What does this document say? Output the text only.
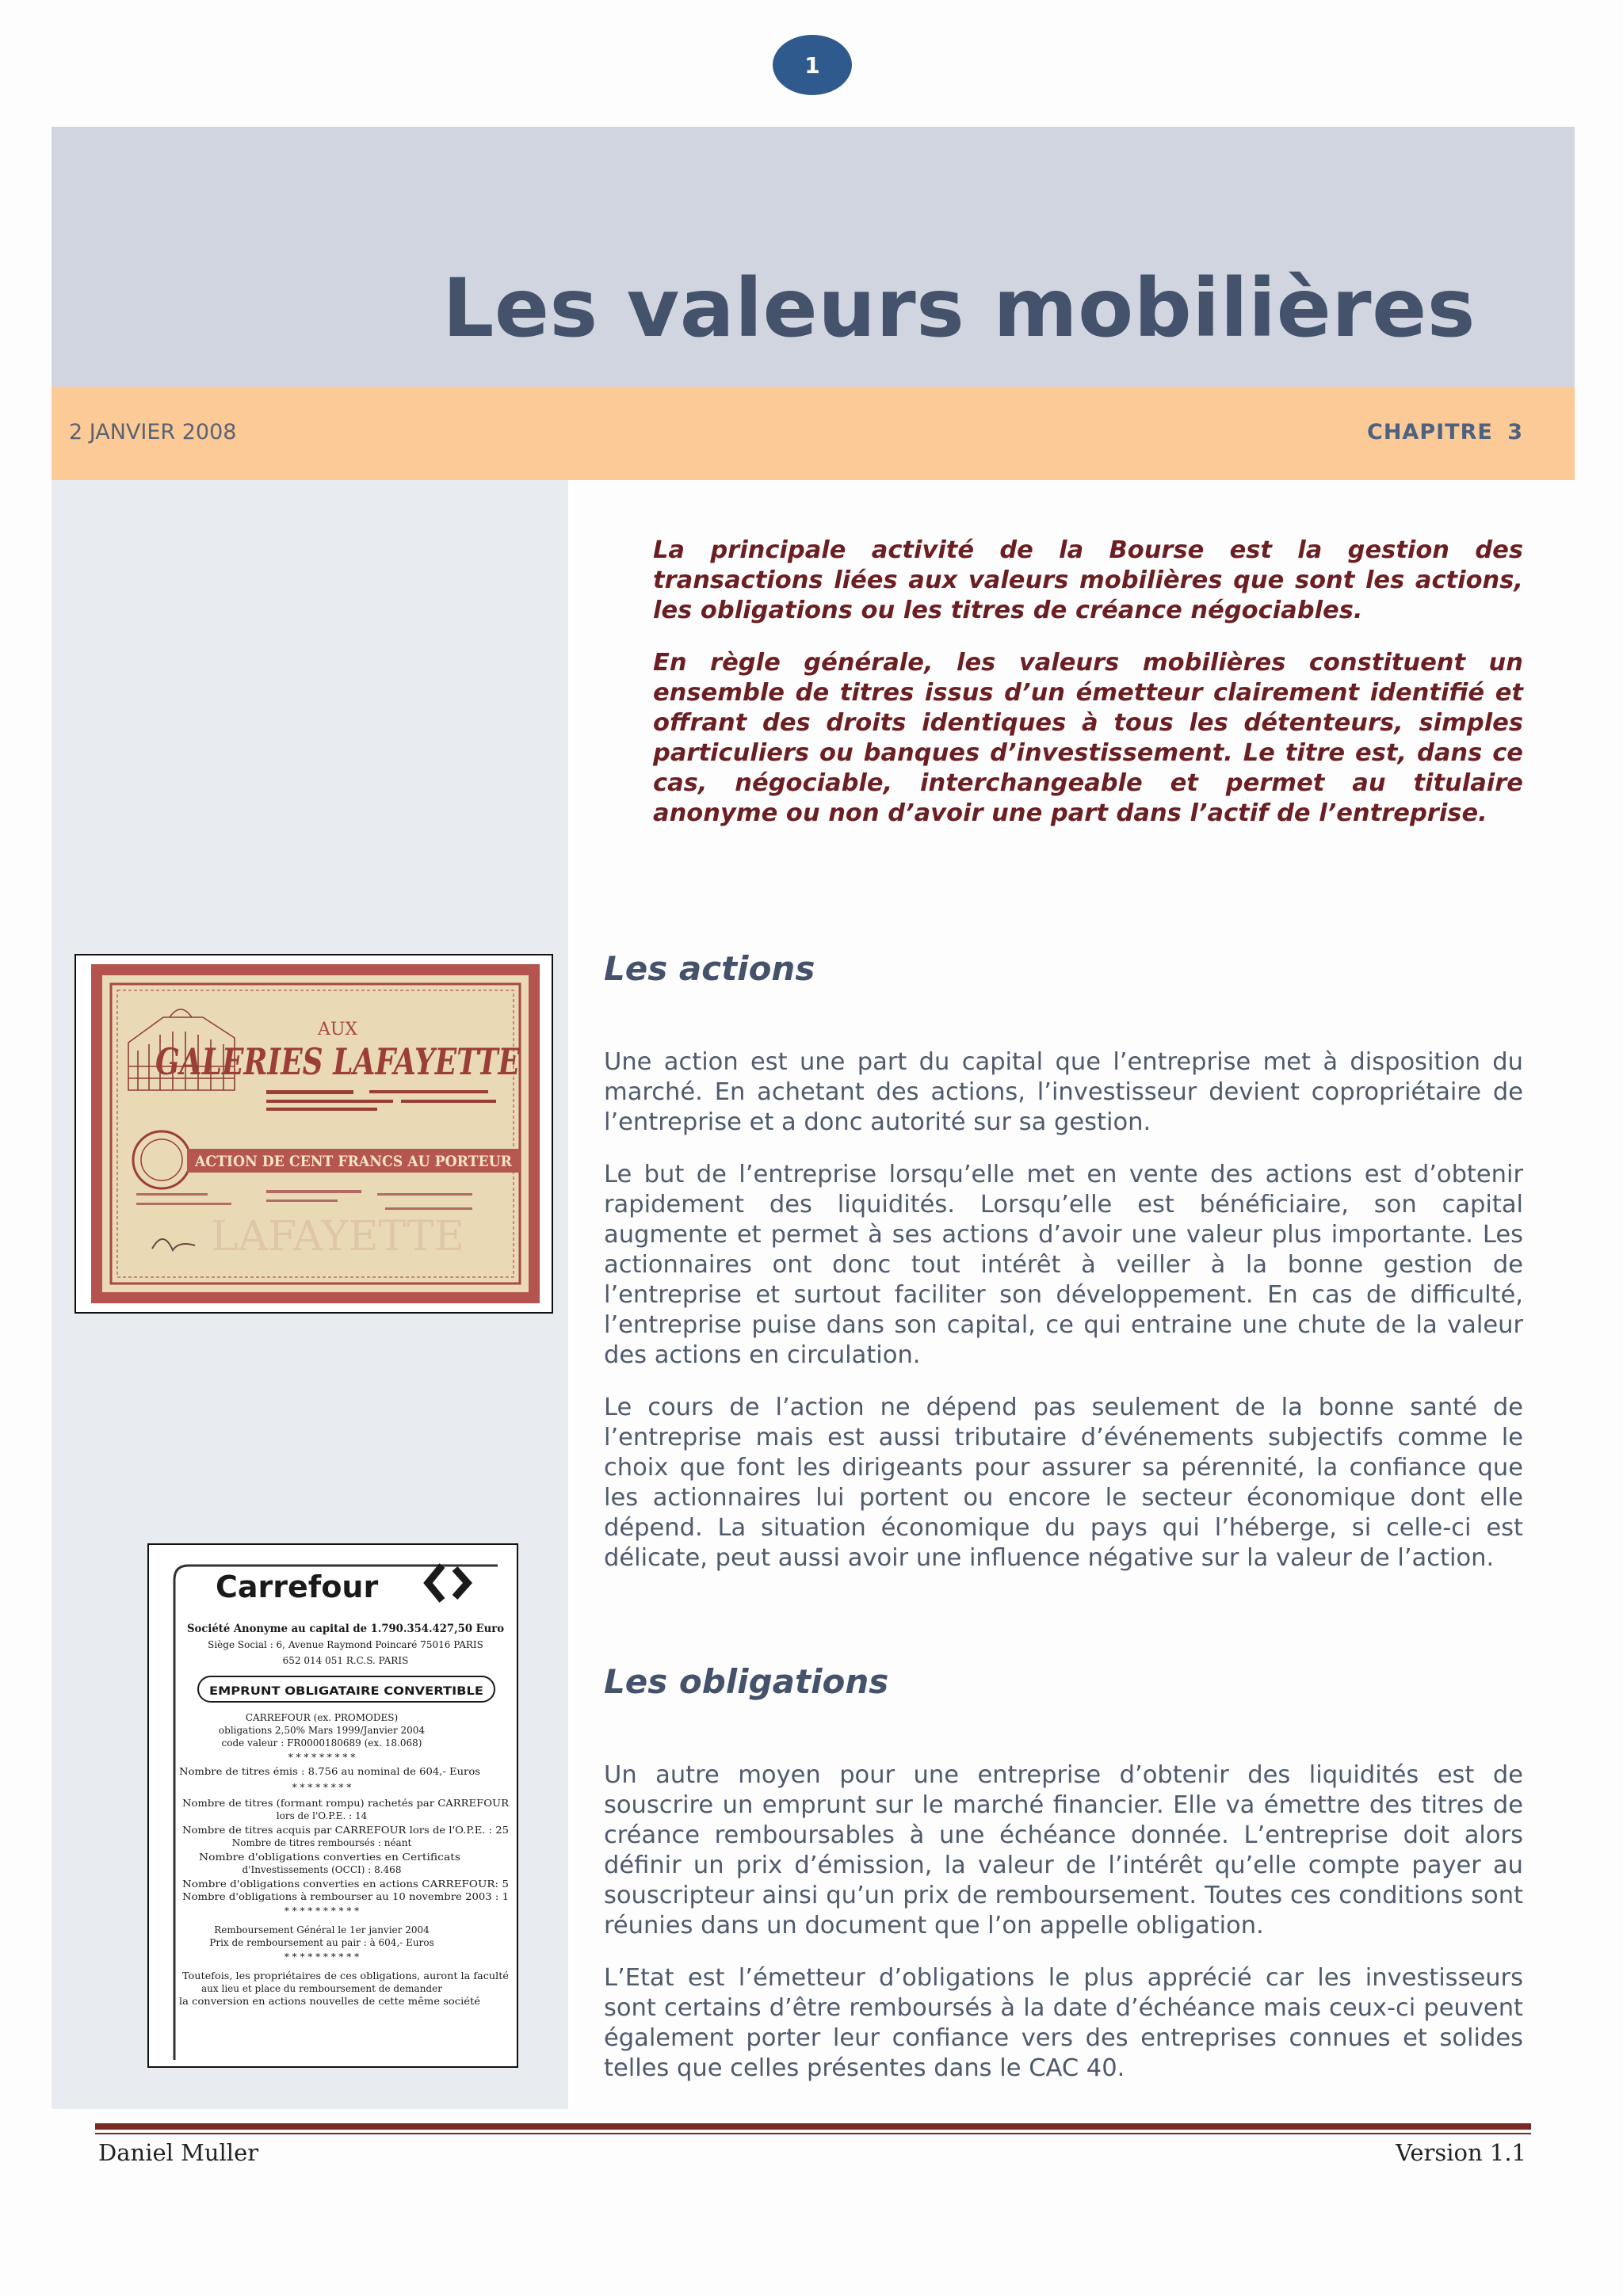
1
Les valeurs mobilières
2 JANVIER 2008	CHAPITRE 3
AUX
GALERIES LAFAYETTE
ACTION DE CENT FRANCS AU PORTEUR
LAFAYETTE
Carrefour
Société Anonyme au capital de 1.790.354.427,50 Euro
Siège Social : 6, Avenue Raymond Poincaré 75016 PARIS
652 014 051 R.C.S. PARIS
EMPRUNT OBLIGATAIRE CONVERTIBLE
CARREFOUR (ex. PROMODES)
obligations 2,50% Mars 1999/Janvier 2004
code valeur : FR0000180689 (ex. 18.068)
* * * * * * * * *
Nombre de titres émis : 8.756 au nominal de 604,- Euros
* * * * * * * *
Nombre de titres (formant rompu) rachetés par CARREFOUR
lors de l'O.P.E. : 14
Nombre de titres acquis par CARREFOUR lors de l'O.P.E. : 25
Nombre de titres remboursés : néant
Nombre d'obligations converties en Certificats
d'Investissements (OCCI) : 8.468
Nombre d'obligations converties en actions CARREFOUR: 5
Nombre d'obligations à rembourser au 10 novembre 2003 : 1
* * * * * * * * * *
Remboursement Général le 1er janvier 2004
Prix de remboursement au pair : à 604,- Euros
* * * * * * * * * *
Toutefois, les propriétaires de ces obligations, auront la faculté
aux lieu et place du remboursement de demander
la conversion en actions nouvelles de cette même société

La principale activité de la Bourse est la gestion des transactions liées aux valeurs mobilières que sont les actions, les obligations ou les titres de créance négociables.

En règle générale, les valeurs mobilières constituent un ensemble de titres issus d’un émetteur clairement identifié et offrant des droits identiques à tous les détenteurs, simples particuliers ou banques d’investissement. Le titre est, dans ce cas, négociable, interchangeable et permet au titulaire anonyme ou non d’avoir une part dans l’actif de l’entreprise.

Les actions

Une action est une part du capital que l’entreprise met à disposition du marché. En achetant des actions, l’investisseur devient copropriétaire de l’entreprise et a donc autorité sur sa gestion.

Le but de l’entreprise lorsqu’elle met en vente des actions est d’obtenir rapidement des liquidités. Lorsqu’elle est bénéficiaire, son capital augmente et permet à ses actions d’avoir une valeur plus importante. Les actionnaires ont donc tout intérêt à veiller à la bonne gestion de l’entreprise et surtout faciliter son développement. En cas de difficulté, l’entreprise puise dans son capital, ce qui entraine une chute de la valeur des actions en circulation.

Le cours de l’action ne dépend pas seulement de la bonne santé de l’entreprise mais est aussi tributaire d’événements subjectifs comme le choix que font les dirigeants pour assurer sa pérennité, la confiance que les actionnaires lui portent ou encore le secteur économique dont elle dépend. La situation économique du pays qui l’héberge, si celle-ci est délicate, peut aussi avoir une influence négative sur la valeur de l’action.

Les obligations

Un autre moyen pour une entreprise d’obtenir des liquidités est de souscrire un emprunt sur le marché financier. Elle va émettre des titres de créance remboursables à une échéance donnée. L’entreprise doit alors définir un prix d’émission, la valeur de l’intérêt qu’elle compte payer au souscripteur ainsi qu’un prix de remboursement. Toutes ces conditions sont réunies dans un document que l’on appelle obligation.

L’Etat est l’émetteur d’obligations le plus apprécié car les investisseurs sont certains d’être remboursés à la date d’échéance mais ceux-ci peuvent également porter leur confiance vers des entreprises connues et solides telles que celles présentes dans le CAC 40.

Daniel Muller	Version 1.1
